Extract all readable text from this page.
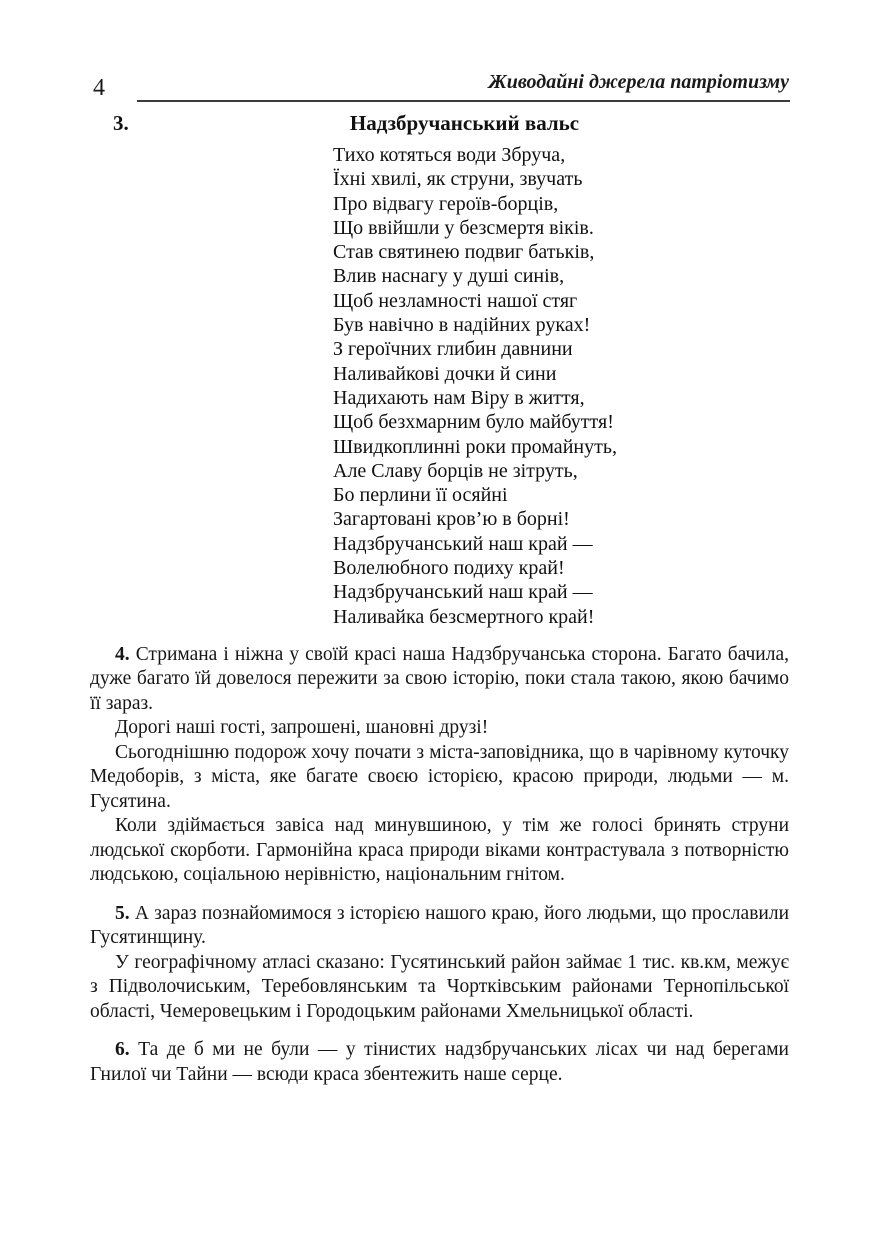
4	Живодайні джерела патріотизму
3.	Надзбручанський вальс
Тихо котяться води Збруча,
Їхні хвилі, як струни, звучать
Про відвагу героїв-борців,
Що ввійшли у безсмертя віків.
Став святинею подвиг батьків,
Влив наснагу у душі синів,
Щоб незламності нашої стяг
Був навічно в надійних руках!
З героїчних глибин давнини
Наливайкові дочки й сини
Надихають нам Віру в життя,
Щоб безхмарним було майбуття!
Швидкоплинні роки промайнуть,
Але Славу борців не зітруть,
Бо перлини її осяйні
Загартовані кров’ю в борні!
Надзбручанський наш край —
Волелюбного подиху край!
Надзбручанський наш край —
Наливайка безсмертного край!

4. Стримана і ніжна у своїй красі наша Надзбручанська сторона. Багато бачила, дуже багато їй довелося пережити за свою історію, поки стала такою, якою бачимо її зараз.

Дорогі наші гості, запрошені, шановні друзі!

Сьогоднішню подорож хочу почати з міста-заповідника, що в чарівному куточку Медоборів, з міста, яке багате своєю історією, красою природи, людьми — м. Гусятина.

Коли здіймається завіса над минувшиною, у тім же голосі бринять струни людської скорботи. Гармонійна краса природи віками контрастувала з потворністю людською, соціальною нерівністю, національним гнітом.

5. А зараз познайомимося з історією нашого краю, його людьми, що прославили Гусятинщину.

У географічному атласі сказано: Гусятинський район займає 1 тис. кв.км, межує з Підволочиським, Теребовлянським та Чортківським районами Тернопільської області, Чемеровецьким і Городоцьким районами Хмельницької області.

6. Та де б ми не були — у тінистих надзбручанських лісах чи над берегами Гнилої чи Тайни — всюди краса збентежить наше серце.
